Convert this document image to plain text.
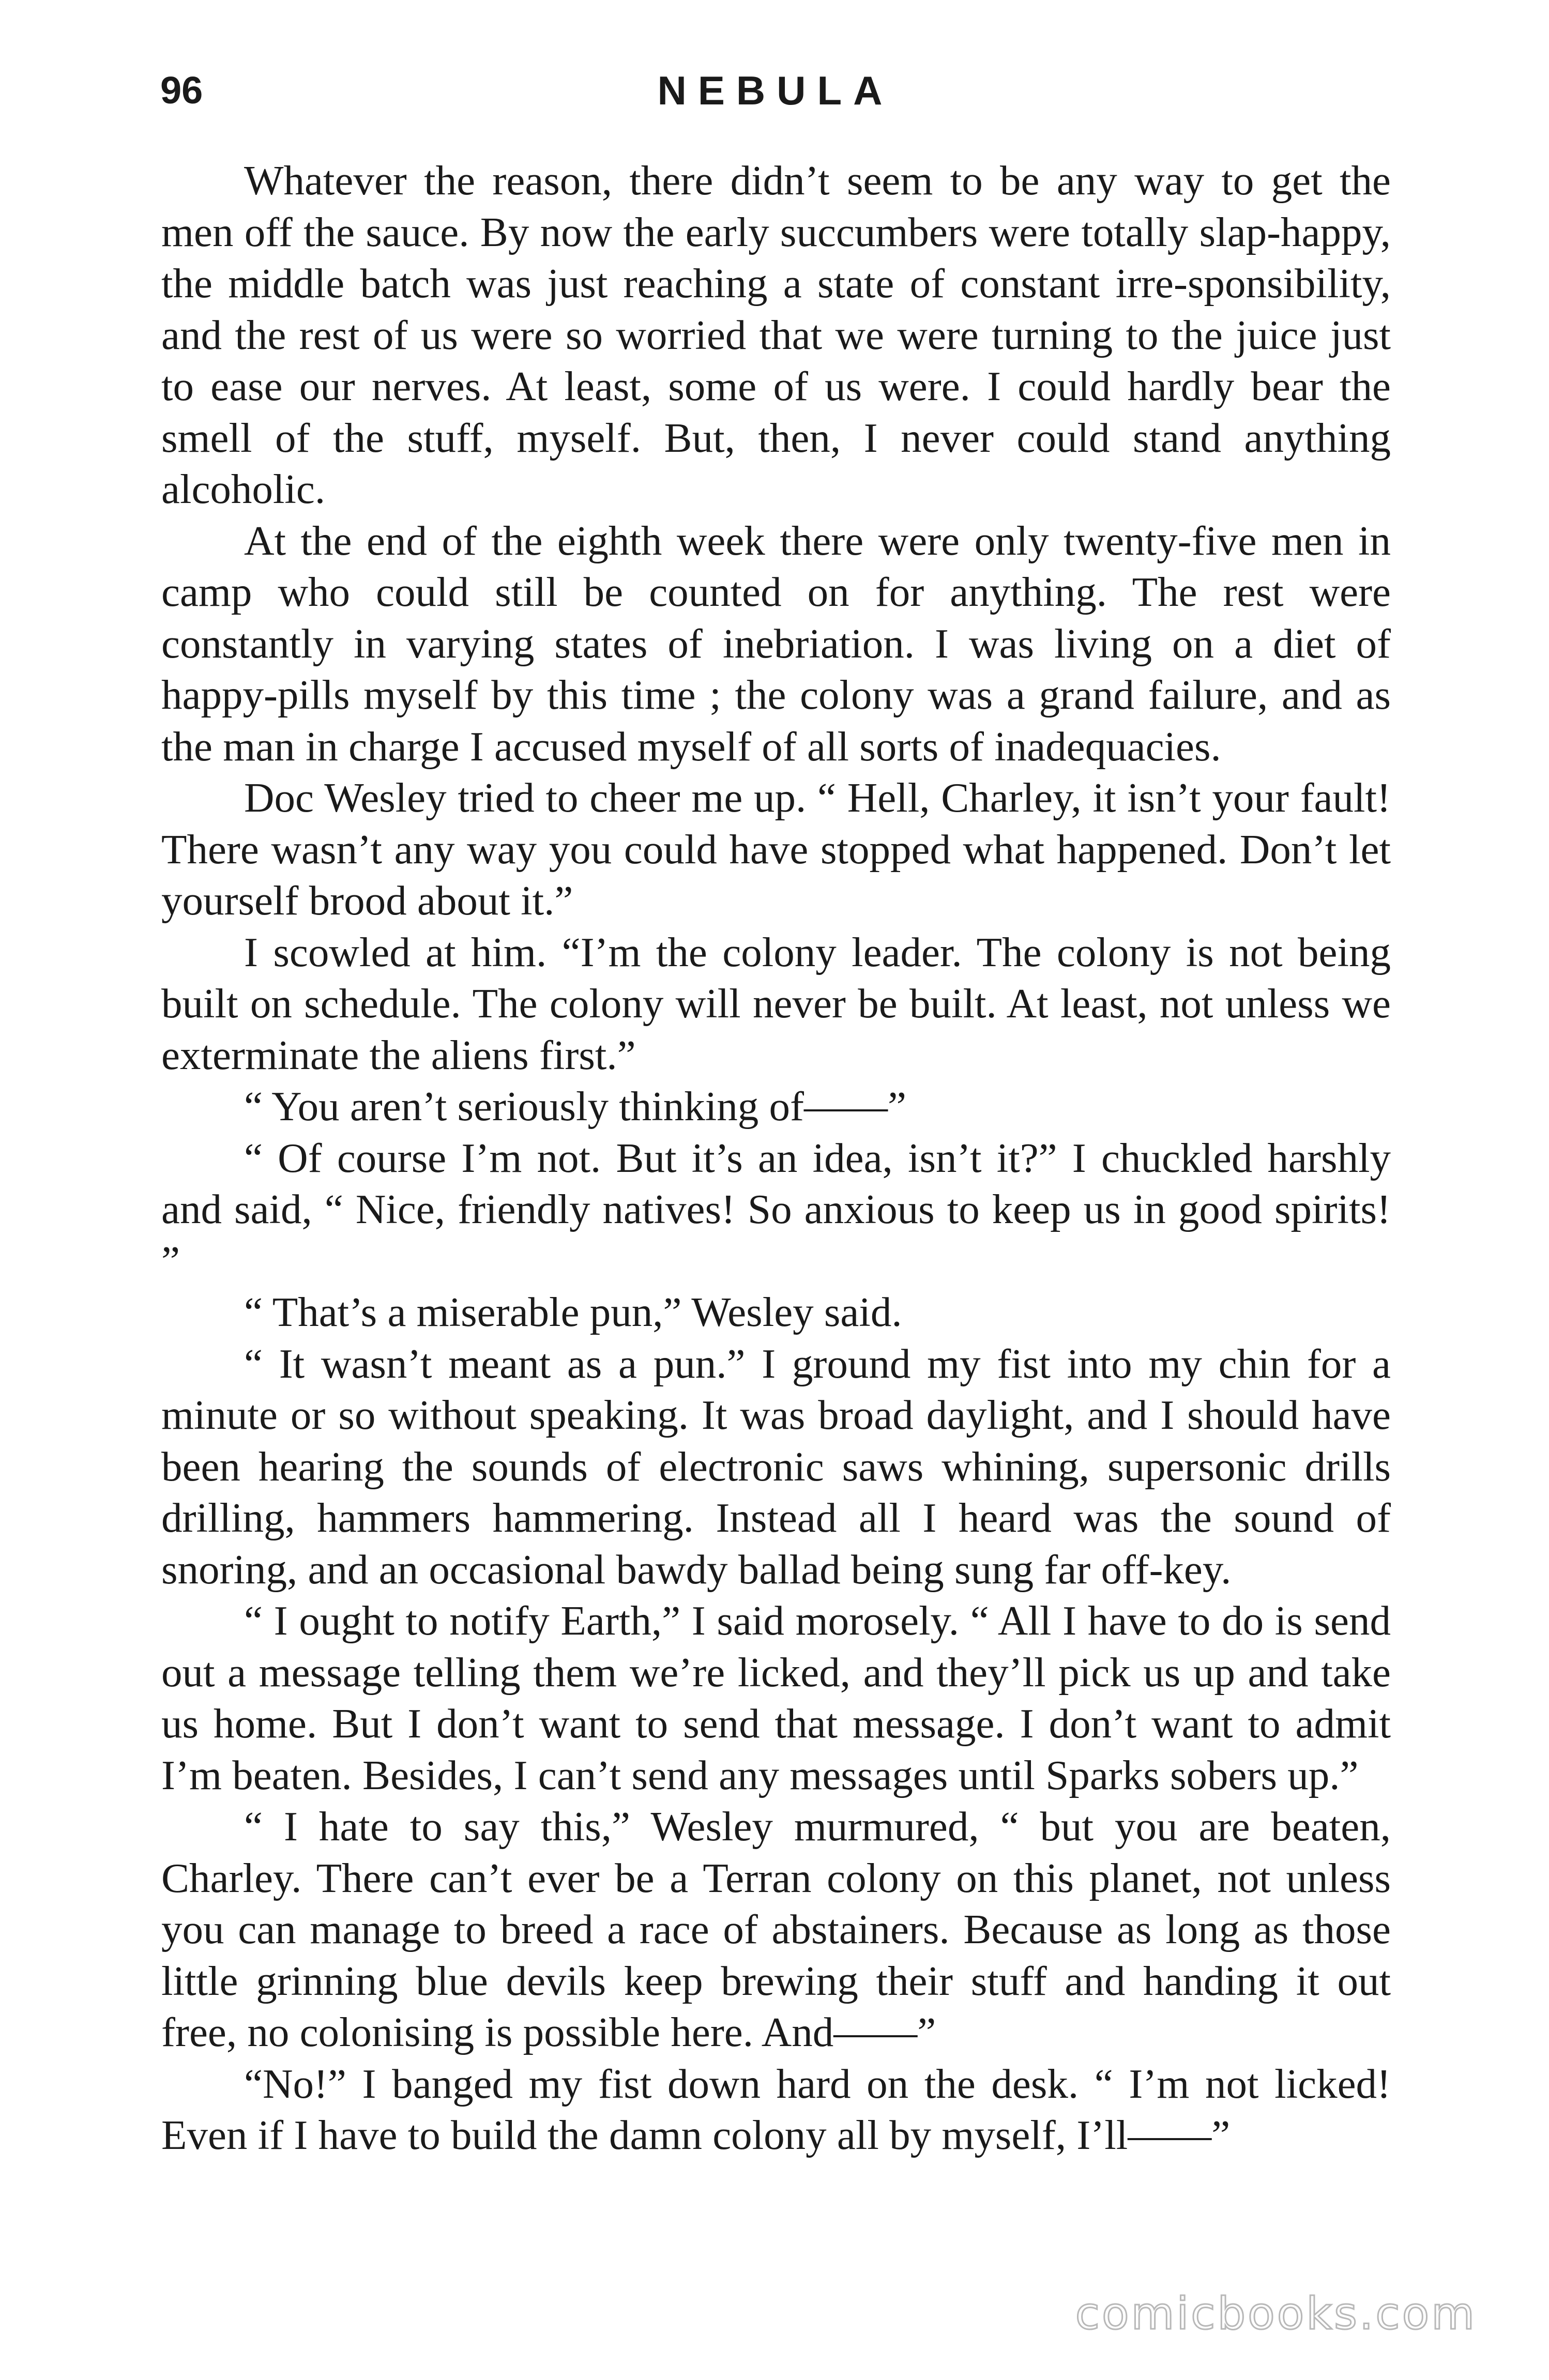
96	NEBULA

Whatever the reason, there didn’t seem to be any way to get the men off the sauce. By now the early succumbers were totally slap-happy, the middle batch was just reaching a state of constant irre-sponsibility, and the rest of us were so worried that we were turning to the juice just to ease our nerves. At least, some of us were. I could hardly bear the smell of the stuff, myself. But, then, I never could stand anything alcoholic.

At the end of the eighth week there were only twenty-five men in camp who could still be counted on for anything. The rest were constantly in varying states of inebriation. I was living on a diet of happy-pills myself by this time ; the colony was a grand failure, and as the man in charge I accused myself of all sorts of inadequacies.

Doc Wesley tried to cheer me up. “ Hell, Charley, it isn’t your fault! There wasn’t any way you could have stopped what happened. Don’t let yourself brood about it.”

I scowled at him. “I’m the colony leader. The colony is not being built on schedule. The colony will never be built. At least, not unless we exterminate the aliens first.”

“ You aren’t seriously thinking of——”

“ Of course I’m not. But it’s an idea, isn’t it?” I chuckled harshly and said, “ Nice, friendly natives! So anxious to keep us in good spirits! ”

“ That’s a miserable pun,” Wesley said.

“ It wasn’t meant as a pun.” I ground my fist into my chin for a minute or so without speaking. It was broad daylight, and I should have been hearing the sounds of electronic saws whining, supersonic drills drilling, hammers hammering. Instead all I heard was the sound of snoring, and an occasional bawdy ballad being sung far off-key.

“ I ought to notify Earth,” I said morosely. “ All I have to do is send out a message telling them we’re licked, and they’ll pick us up and take us home. But I don’t want to send that message. I don’t want to admit I’m beaten. Besides, I can’t send any messages until Sparks sobers up.”

“ I hate to say this,” Wesley murmured, “ but you are beaten, Charley. There can’t ever be a Terran colony on this planet, not unless you can manage to breed a race of abstainers. Because as long as those little grinning blue devils keep brewing their stuff and handing it out free, no colonising is possible here. And——”

“No!” I banged my fist down hard on the desk. “ I’m not licked! Even if I have to build the damn colony all by myself, I’ll——”

comicbooks.com
